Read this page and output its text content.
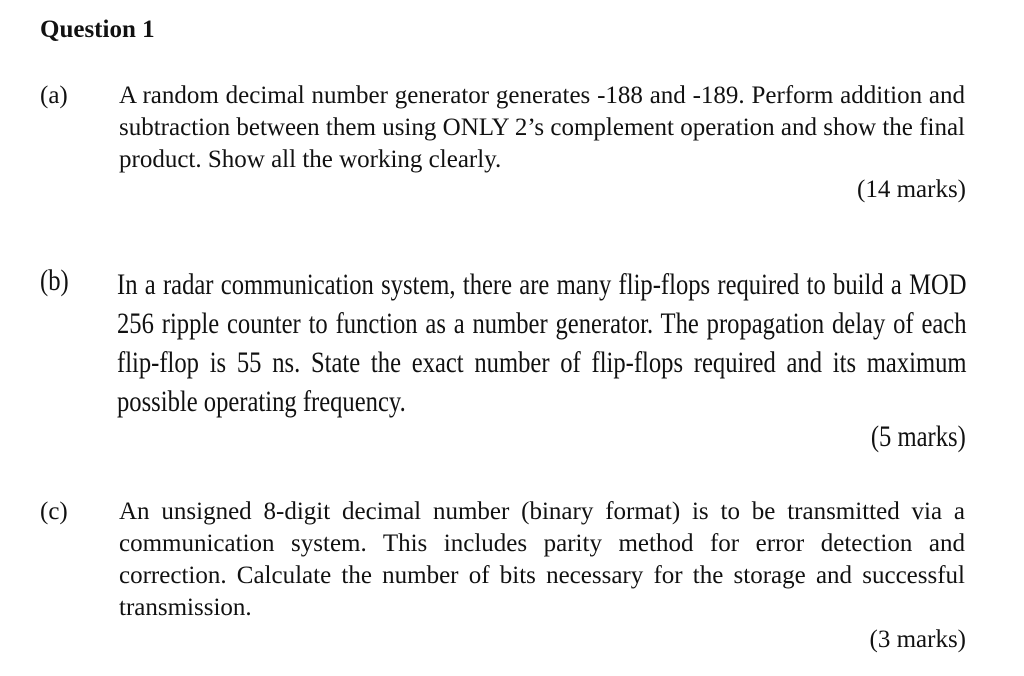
Question 1
(a) A random decimal number generator generates -188 and -189. Perform addition and subtraction between them using ONLY 2’s complement operation and show the final product. Show all the working clearly.

(14 marks)
(b) In a radar communication system, there are many flip-flops required to build a MOD 256 ripple counter to function as a number generator. The propagation delay of each flip-flop is 55 ns. State the exact number of flip-flops required and its maximum possible operating frequency.

(5 marks)
(c) An unsigned 8-digit decimal number (binary format) is to be transmitted via a communication system. This includes parity method for error detection and correction. Calculate the number of bits necessary for the storage and successful transmission.

(3 marks)
